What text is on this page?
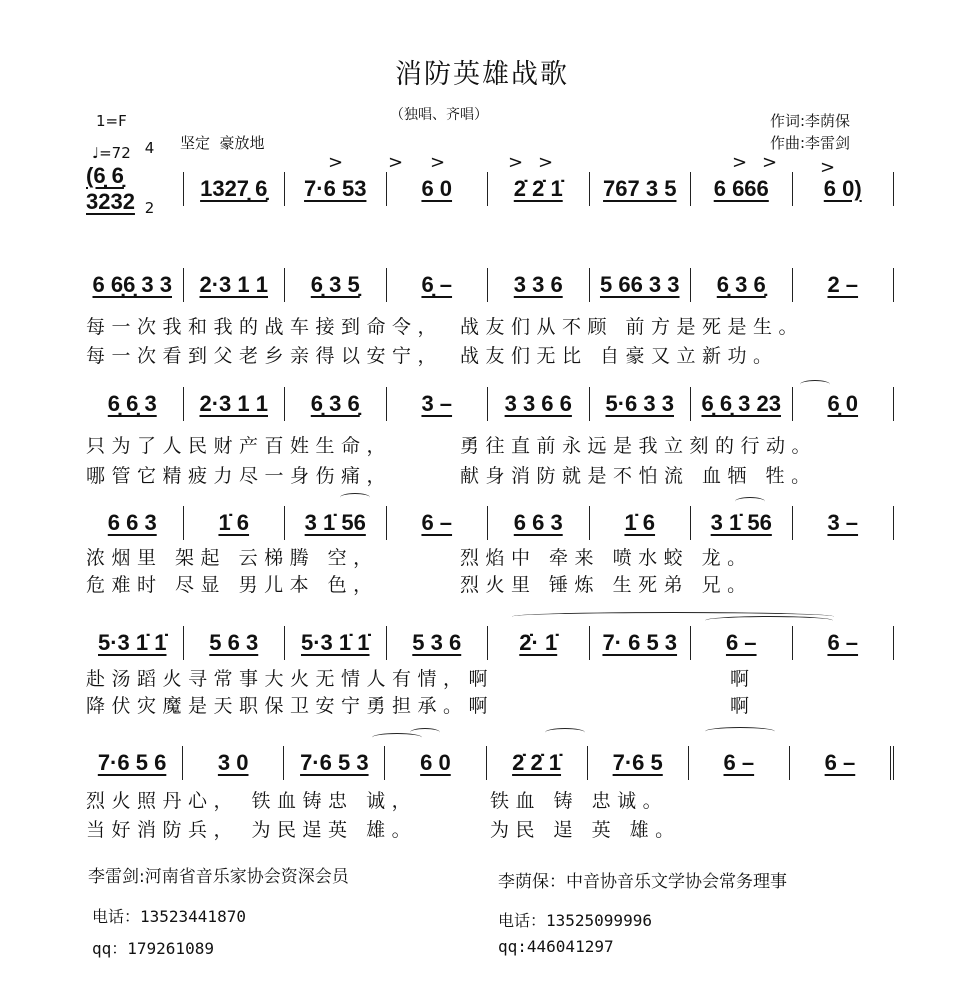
消防英雄战歌
（独唱、齐唱）
1=F

4

2

♩=72
坚定  豪放地
作词:李荫保
作曲:李雷剑
> > >	> >	> > >
(6̣ 6̣ 3232
1327̣ 6̣ 7·6 53	6 0	2̇ 2̇ 1̇ 767 3 5 6 666	6 0)
6 6̣6̣ 3 3 2·3 1 1 6̣ 3 5̣	6̣ –	3 3 6 5 66 3 3 6̣ 3 6̣	2 –
每一次我和我的战车接到命令， 战友们从不顾 前方是死是生。
每一次看到父老乡亲得以安宁， 战友们无比 自豪又立新功。
6̣ 6̣ 3 2·3 1 1 6̣ 3 6̣	3 – 3 3 6 6 5·6 3 3 6̣ 6̣ 3 23 6̣ 0
只为了人民财产百姓生命，	勇往直前永远是我立刻的行动。
哪管它精疲力尽一身伤痛，	献身消防就是不怕流 血牺 牲。
6 6 3	1̇ 6	3 1̇ 56	6 –	6 6 3	1̇ 6	3 1̇ 56	3 –
浓烟里 架起 云梯腾 空，	烈焰中 牵来 喷水蛟 龙。
危难时 尽显 男儿本 色，	烈火里 锤炼 生死弟 兄。
5·3 1̇ 1̇ 5 6 3 5·3 1̇ 1̇ 5 3 6	2̇· 1̇ 7· 6 5 3 6 –	6 –
赴汤蹈火寻常事大火无情人有情，啊	啊
降伏灾魔是天职保卫安宁勇担承。啊	啊
7·6 5 6 3 0 7·6 5 3 6 0	2̇ 2̇ 1̇ 7·6 5	6 –	6 –
烈火照丹心， 铁血铸忠 诚，	铁血 铸 忠诚。
当好消防兵， 为民逞英 雄。	为民 逞 英 雄。
李雷剑:河南省音乐家协会资深会员
电话：13523441870
qq：179261089
李荫保：中音协音乐文学协会常务理事
电话：13525099996
qq:446041297
